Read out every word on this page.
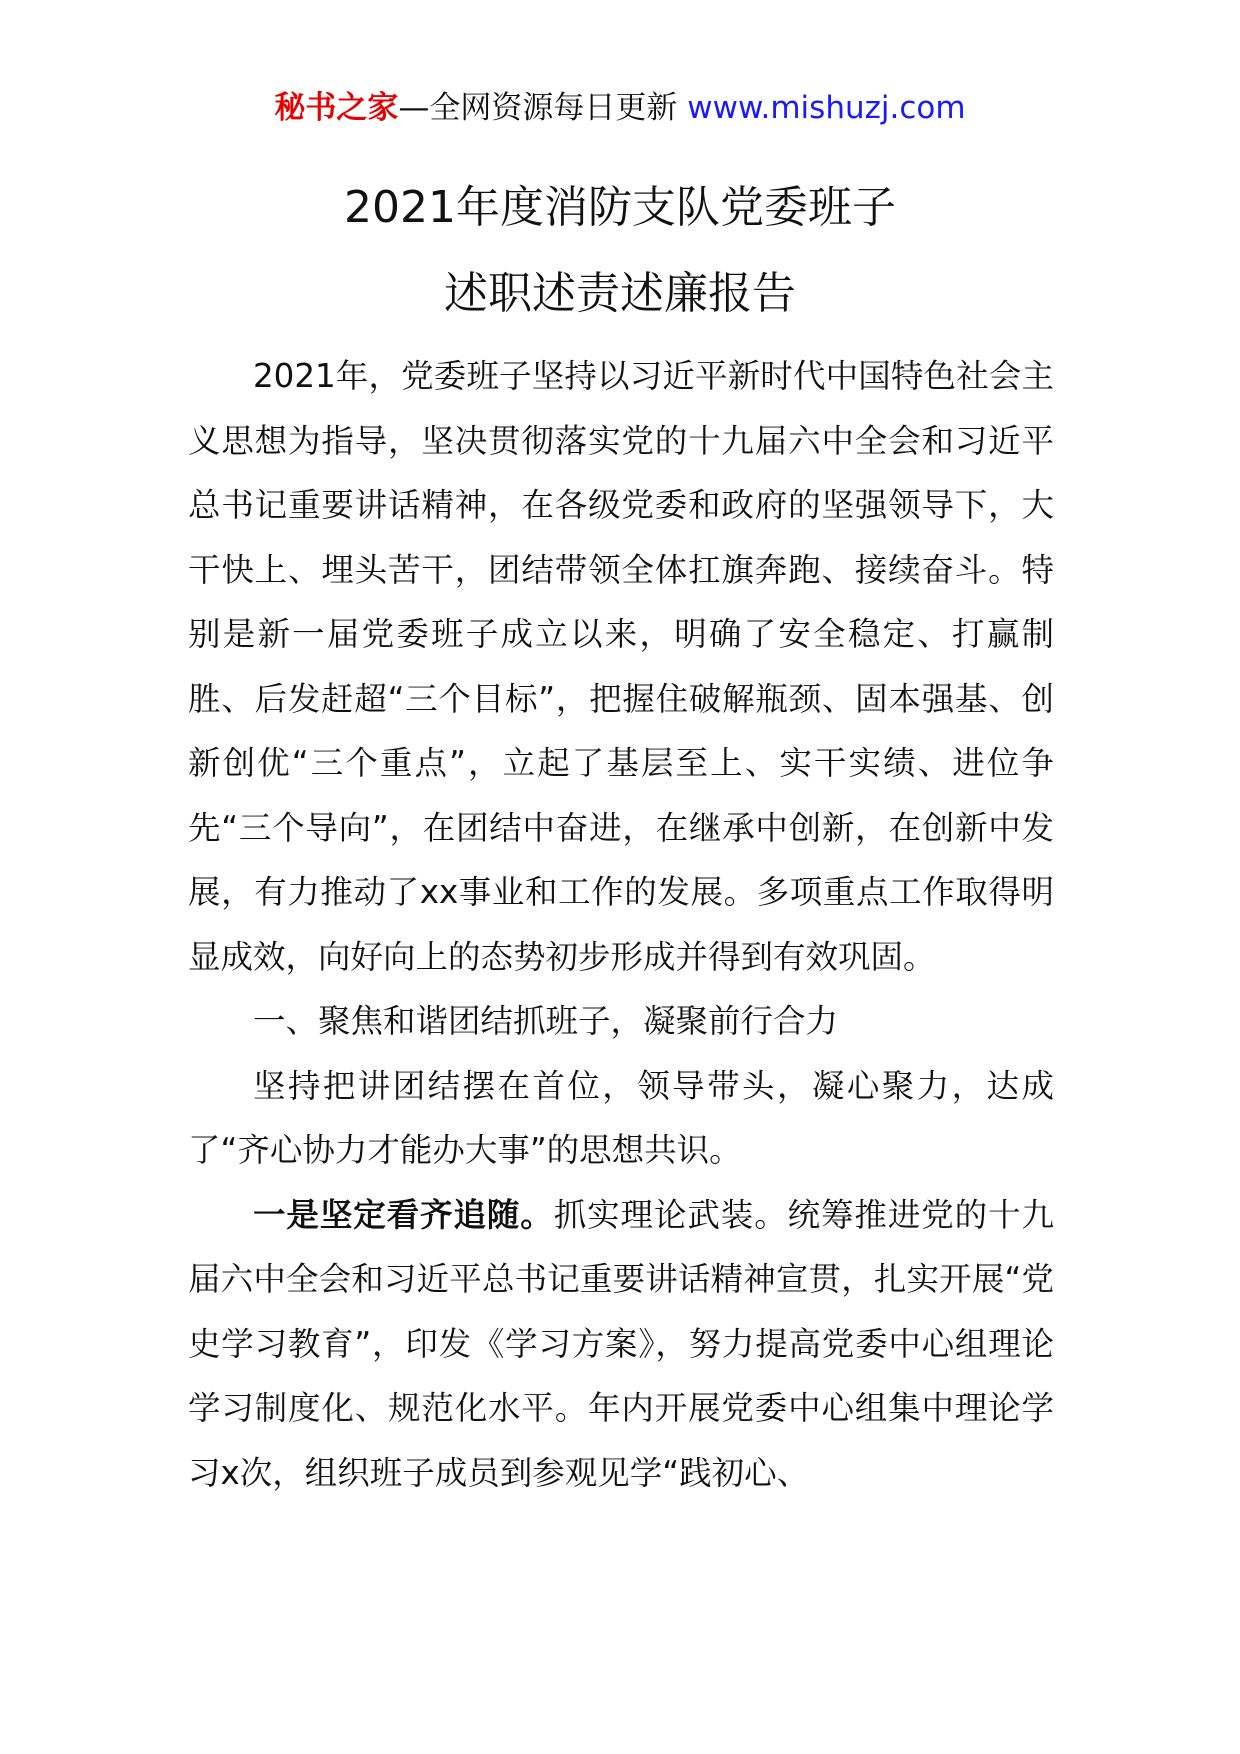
秘书之家—全网资源每日更新 www.mishuzj.com
2021年度消防支队党委班子
述职述责述廉报告

2021年，党委班子坚持以习近平新时代中国特色社会主义思想为指导，坚决贯彻落实党的十九届六中全会和习近平总书记重要讲话精神，在各级党委和政府的坚强领导下，大干快上、埋头苦干，团结带领全体扛旗奔跑、接续奋斗。特别是新一届党委班子成立以来，明确了安全稳定、打赢制胜、后发赶超“三个目标”，把握住破解瓶颈、固本强基、创新创优“三个重点”，立起了基层至上、实干实绩、进位争先“三个导向”，在团结中奋进，在继承中创新，在创新中发展，有力推动了xx事业和工作的发展。多项重点工作取得明显成效，向好向上的态势初步形成并得到有效巩固。

一、聚焦和谐团结抓班子，凝聚前行合力

坚持把讲团结摆在首位，领导带头，凝心聚力，达成了“齐心协力才能办大事”的思想共识。

一是坚定看齐追随。抓实理论武装。统筹推进党的十九届六中全会和习近平总书记重要讲话精神宣贯，扎实开展“党史学习教育”，印发《学习方案》，努力提高党委中心组理论学习制度化、规范化水平。年内开展党委中心组集中理论学习x次，组织班子成员到参观见学“践初心、
